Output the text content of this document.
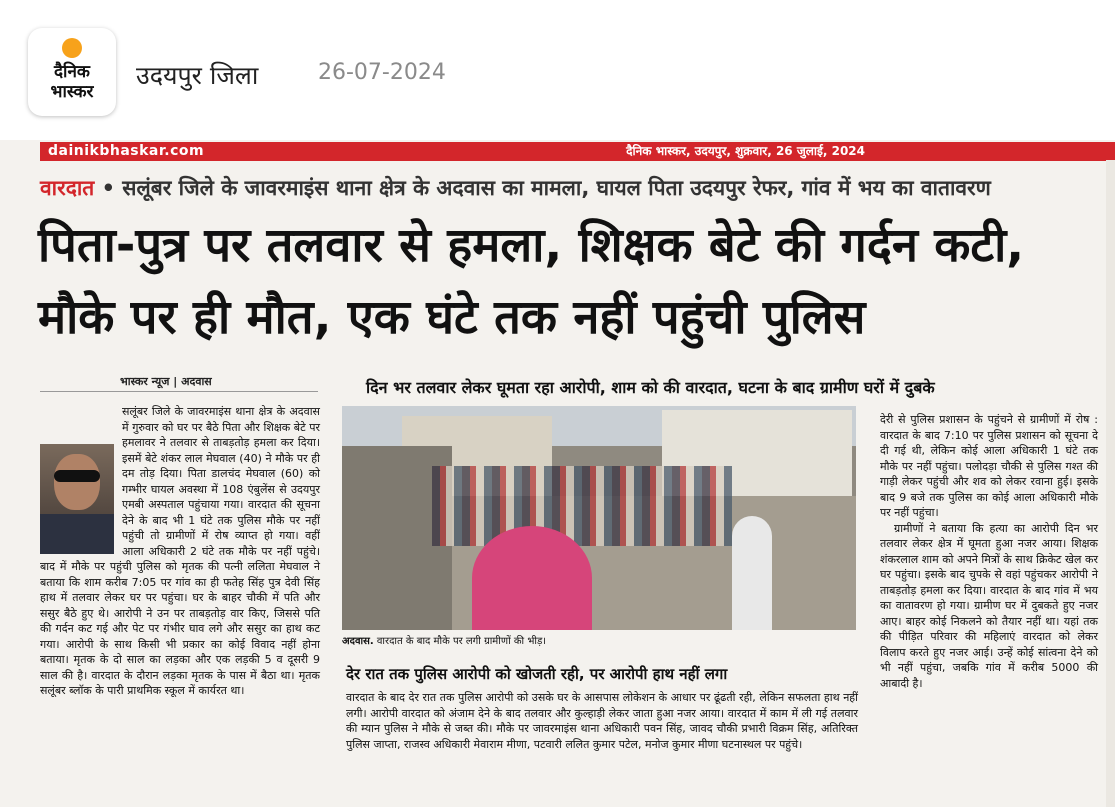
दैनिक
भास्कर
उदयपुर जिला	26-07-2024
dainikbhaskar.com	दैनिक भास्कर, उदयपुर, शुक्रवार, 26 जुलाई, 2024
वारदात • सलूंबर जिले के जावरमाइंस थाना क्षेत्र के अदवास का मामला, घायल पिता उदयपुर रेफर, गांव में भय का वातावरण
पिता-पुत्र पर तलवार से हमला, शिक्षक बेटे की गर्दन कटी, मौके पर ही मौत, एक घंटे तक नहीं पहुंची पुलिस
भास्कर न्यूज | अदवास

सलूंबर जिले के जावरमाइंस थाना क्षेत्र के अदवास में गुरुवार को घर पर बैठे पिता और शिक्षक बेटे पर हमलावर ने तलवार से ताबड़तोड़ हमला कर दिया। इसमें बेटे शंकर लाल मेघवाल (40) ने मौके पर ही दम तोड़ दिया। पिता डालचंद मेघवाल (60) को गम्भीर घायल अवस्था में 108 एंबुलेंस से उदयपुर एमबी अस्पताल पहुंचाया गया। वारदात की सूचना देने के बाद भी 1 घंटे तक पुलिस मौके पर नहीं पहुंची तो ग्रामीणों में रोष व्याप्त हो गया। वहीं आला अधिकारी 2 घंटे तक मौके पर नहीं पहुंचे। बाद में मौके पर पहुंची पुलिस को मृतक की पत्नी ललिता मेघवाल ने बताया कि शाम करीब 7:05 पर गांव का ही फतेह सिंह पुत्र देवी सिंह हाथ में तलवार लेकर घर पर पहुंचा। घर के बाहर चौकी में पति और ससुर बैठे हुए थे। आरोपी ने उन पर ताबड़तोड़ वार किए, जिससे पति की गर्दन कट गई और पेट पर गंभीर घाव लगे और ससुर का हाथ कट गया। आरोपी के साथ किसी भी प्रकार का कोई विवाद नहीं होना बताया। मृतक के दो साल का लड़का और एक लड़की 5 व दूसरी 9 साल की है। वारदात के दौरान लड़का मृतक के पास में बैठा था। मृतक सलूंबर ब्लॉक के पारी प्राथमिक स्कूल में कार्यरत था।

दिन भर तलवार लेकर घूमता रहा आरोपी, शाम को की वारदात, घटना के बाद ग्रामीण घरों में दुबके
अदवास. वारदात के बाद मौके पर लगी ग्रामीणों की भीड़।
देर रात तक पुलिस आरोपी को खोजती रही, पर आरोपी हाथ नहीं लगा
वारदात के बाद देर रात तक पुलिस आरोपी को उसके घर के आसपास लोकेशन के आधार पर ढूंढती रही, लेकिन सफलता हाथ नहीं लगी। आरोपी वारदात को अंजाम देने के बाद तलवार और कुल्हाड़ी लेकर जाता हुआ नजर आया। वारदात में काम में ली गई तलवार की म्यान पुलिस ने मौके से जब्त की। मौके पर जावरमाइंस थाना अधिकारी पवन सिंह, जावद चौकी प्रभारी विक्रम सिंह, अतिरिक्त पुलिस जाप्ता, राजस्व अधिकारी मेवाराम मीणा, पटवारी ललित कुमार पटेल, मनोज कुमार मीणा घटनास्थल पर पहुंचे।

देरी से पुलिस प्रशासन के पहुंचने से ग्रामीणों में रोष : वारदात के बाद 7:10 पर पुलिस प्रशासन को सूचना दे दी गई थी, लेकिन कोई आला अधिकारी 1 घंटे तक मौके पर नहीं पहुंचा। पलोदड़ा चौकी से पुलिस गश्त की गाड़ी लेकर पहुंची और शव को लेकर रवाना हुई। इसके बाद 9 बजे तक पुलिस का कोई आला अधिकारी मौके पर नहीं पहुंचा।

ग्रामीणों ने बताया कि हत्या का आरोपी दिन भर तलवार लेकर क्षेत्र में घूमता हुआ नजर आया। शिक्षक शंकरलाल शाम को अपने मित्रों के साथ क्रिकेट खेल कर घर पहुंचा। इसके बाद चुपके से वहां पहुंचकर आरोपी ने ताबड़तोड़ हमला कर दिया। वारदात के बाद गांव में भय का वातावरण हो गया। ग्रामीण घर में दुबकते हुए नजर आए। बाहर कोई निकलने को तैयार नहीं था। यहां तक की पीड़ित परिवार की महिलाएं वारदात को लेकर विलाप करते हुए नजर आई। उन्हें कोई सांत्वना देने को भी नहीं पहुंचा, जबकि गांव में करीब 5000 की आबादी है।
